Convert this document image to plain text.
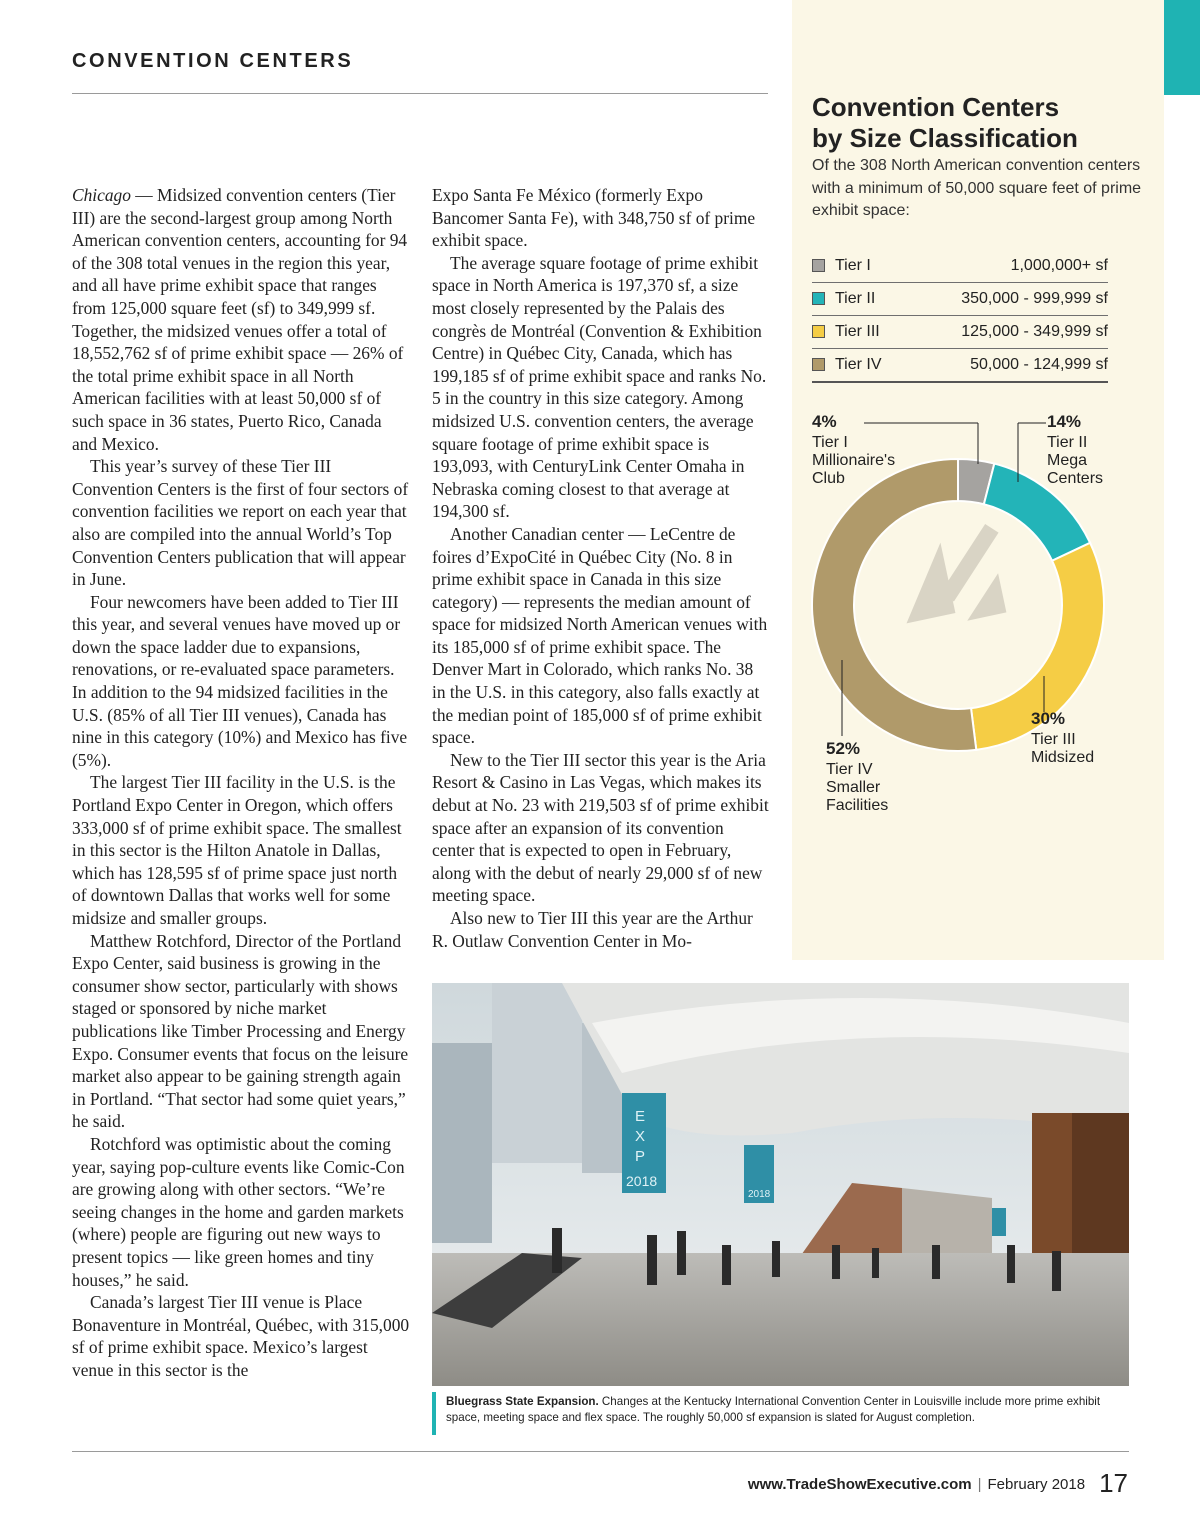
CONVENTION CENTERS

Chicago — Midsized convention centers (Tier III) are the second-largest group among North American convention centers, accounting for 94 of the 308 total venues in the region this year, and all have prime exhibit space that ranges from 125,000 square feet (sf) to 349,999 sf. Together, the midsized venues offer a total of 18,552,762 sf of prime exhibit space — 26% of the total prime exhibit space in all North American facilities with at least 50,000 sf of such space in 36 states, Puerto Rico, Canada and Mexico.

This year’s survey of these Tier III Convention Centers is the first of four sectors of convention facilities we report on each year that also are compiled into the annual World’s Top Convention Centers publication that will appear in June.

Four newcomers have been added to Tier III this year, and several venues have moved up or down the space ladder due to expansions, renovations, or re-evaluated space parameters. In addition to the 94 midsized facilities in the U.S. (85% of all Tier III venues), Canada has nine in this category (10%) and Mexico has five (5%).

The largest Tier III facility in the U.S. is the Portland Expo Center in Oregon, which offers 333,000 sf of prime exhibit space. The smallest in this sector is the Hilton Anatole in Dallas, which has 128,595 sf of prime space just north of downtown Dallas that works well for some midsize and smaller groups.

Matthew Rotchford, Director of the Portland Expo Center, said business is growing in the consumer show sector, particularly with shows staged or sponsored by niche market publications like Timber Processing and Energy Expo. Consumer events that focus on the leisure market also appear to be gaining strength again in Portland. “That sector had some quiet years,” he said.

Rotchford was optimistic about the coming year, saying pop-culture events like Comic-Con are growing along with other sectors. “We’re seeing changes in the home and garden markets (where) people are figuring out new ways to present topics — like green homes and tiny houses,” he said.

Canada’s largest Tier III venue is Place Bonaventure in Montréal, Québec, with 315,000 sf of prime exhibit space. Mexico’s largest venue in this sector is the

Expo Santa Fe México (formerly Expo Bancomer Santa Fe), with 348,750 sf of prime exhibit space.

The average square footage of prime exhibit space in North America is 197,370 sf, a size most closely represented by the Palais des congrès de Montréal (Convention & Exhibition Centre) in Québec City, Canada, which has 199,185 sf of prime exhibit space and ranks No. 5 in the country in this size category. Among midsized U.S. convention centers, the average square footage of prime exhibit space is 193,093, with CenturyLink Center Omaha in Nebraska coming closest to that average at 194,300 sf.

Another Canadian center — LeCentre de foires d’ExpoCité in Québec City (No. 8 in prime exhibit space in Canada in this size category) — represents the median amount of space for midsized North American venues with its 185,000 sf of prime exhibit space. The Denver Mart in Colorado, which ranks No. 38 in the U.S. in this category, also falls exactly at the median point of 185,000 sf of prime exhibit space.

New to the Tier III sector this year is the Aria Resort & Casino in Las Vegas, which makes its debut at No. 23 with 219,503 sf of prime exhibit space after an expansion of its convention center that is expected to open in February, along with the debut of nearly 29,000 sf of new meeting space.

Also new to Tier III this year are the Arthur R. Outlaw Convention Center in Mo-

Convention Centers
by Size Classification

Of the 308 North American convention centers with a minimum of 50,000 square feet of prime exhibit space:

Tier I	1,000,000+ sf
Tier II	350,000 - 999,999 sf
Tier III	125,000 - 349,999 sf
Tier IV	50,000 - 124,999 sf
4%
Tier I
Millionaire's
Club
14%
Tier II
Mega
Centers
30%
Tier III
Midsized
52%
Tier IV
Smaller
Facilities
E
X
P
2018
2018

Bluegrass State Expansion. Changes at the Kentucky International Convention Center in Louisville include more prime exhibit space, meeting space and flex space. The roughly 50,000 sf expansion is slated for August completion.

www.TradeShowExecutive.com | February 2018 17
